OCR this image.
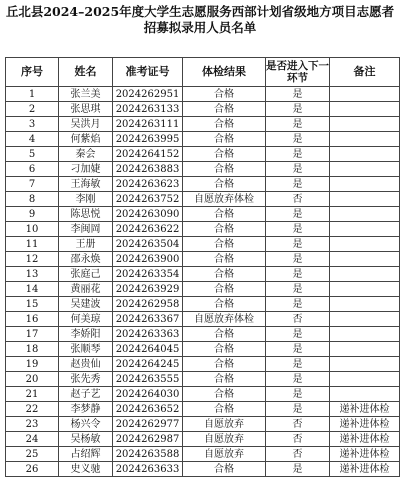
丘北县2024–2025年度大学生志愿服务西部计划省级地方项目志愿者
招募拟录用人员名单
序号	姓名	准考证号	体检结果	是否进入下一环节	备注
1	张兰美	2024262951	合格	是	
2	张思琪	2024263133	合格	是	
3	吴洪月	2024263111	合格	是	
4	何紫焰	2024263995	合格	是	
5	秦会	2024264152	合格	是	
6	刁加婕	2024263883	合格	是	
7	王海敏	2024263623	合格	是	
8	李刚	2024263752	自愿放弃体检	否	
9	陈思悦	2024263090	合格	是	
10	李闽岡	2024263622	合格	是	
11	王册	2024263504	合格	是	
12	邵永焕	2024263900	合格	是	
13	张庭己	2024263354	合格	是	
14	黄丽花	2024263929	合格	是	
15	吴建波	2024262958	合格	是	
16	何美琼	2024263367	自愿放弃体检	否	
17	李娇阳	2024263363	合格	是	
18	张顺琴	2024264045	合格	是	
19	赵贵仙	2024264245	合格	是	
20	张先秀	2024263555	合格	是	
21	赵子艺	2024264030	合格	是	
22	李梦静	2024263652	合格	是	递补进体检
23	杨兴令	2024262977	自愿放弃	否	递补进体检
24	吴杨敏	2024262987	自愿放弃	否	递补进体检
25	占绍辉	2024263588	自愿放弃	否	递补进体检
26	史义驰	2024263633	合格	是	递补进体检
